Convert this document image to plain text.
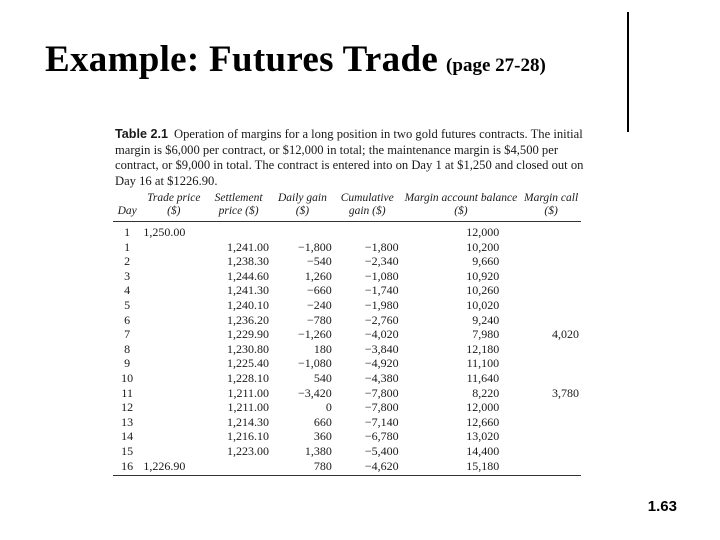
Example: Futures Trade (page 27-28)

Table 2.1 Operation of margins for a long position in two gold futures contracts. The initial margin is $6,000 per contract, or $12,000 in total; the maintenance margin is $4,500 per contract, or $9,000 in total. The contract is entered into on Day 1 at $1,250 and closed out on Day 16 at $1226.90.

Day	Trade price ($)	Settlement price ($)	Daily gain ($)	Cumulative gain ($)	Margin account balance ($)	Margin call ($)
1	1,250.00				12,000	
1		1,241.00	−1,800	−1,800	10,200	
2		1,238.30	−540	−2,340	9,660	
3		1,244.60	1,260	−1,080	10,920	
4		1,241.30	−660	−1,740	10,260	
5		1,240.10	−240	−1,980	10,020	
6		1,236.20	−780	−2,760	9,240	
7		1,229.90	−1,260	−4,020	7,980	4,020
8		1,230.80	180	−3,840	12,180	
9		1,225.40	−1,080	−4,920	11,100	
10		1,228.10	540	−4,380	11,640	
11		1,211.00	−3,420	−7,800	8,220	3,780
12		1,211.00	0	−7,800	12,000	
13		1,214.30	660	−7,140	12,660	
14		1,216.10	360	−6,780	13,020	
15		1,223.00	1,380	−5,400	14,400	
16	1,226.90		780	−4,620	15,180	
1.63
